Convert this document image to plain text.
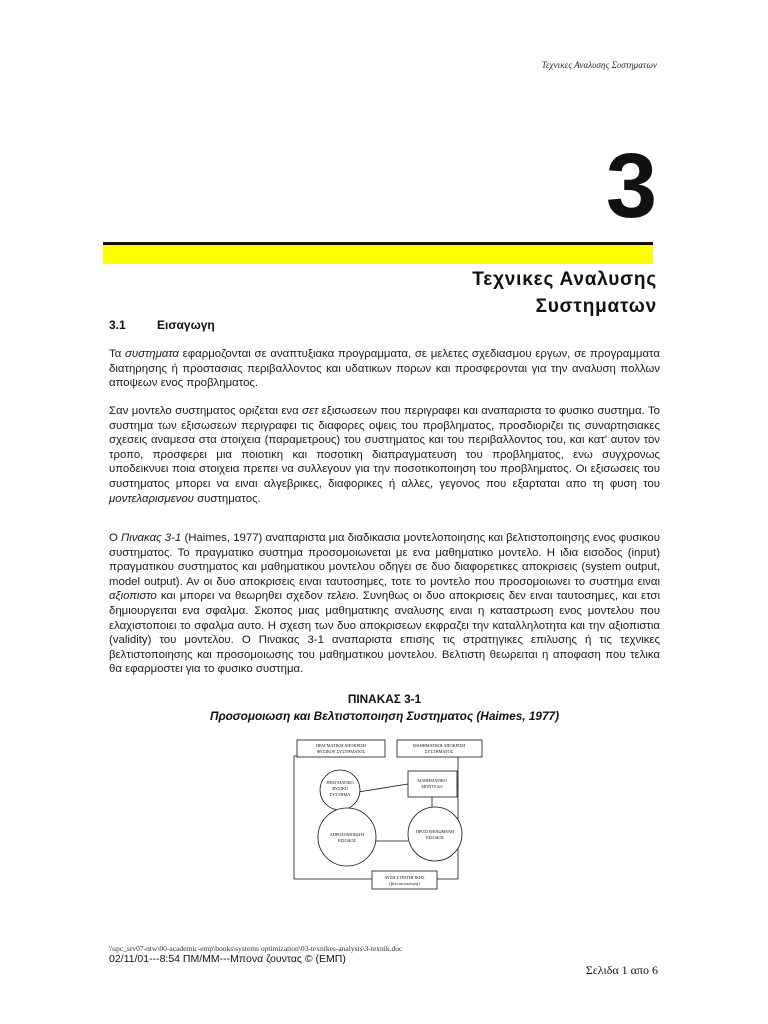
Τεχνικες Αναλυσης Συστηματων
3
Τεχνικες Αναλυσης
Συστηματων
3.1	Εισαγωγη
Τα συστηματα εφαρμοζονται σε αναπτυξιακα προγραμματα, σε μελετες σχεδιασμου εργων, σε προγραμματα διατηρησης ή προστασιας περιβαλλοντος και υδατικων πορων και προσφερονται για την αναλυση πολλων αποψεων ενος προβληματος.
Σαν μοντελο συστηματος οριζεται ενα σετ εξισωσεων που περιγραφει και αναπαριστα το φυσικο συστημα. Το συστημα των εξισωσεων περιγραφει τις διαφορες οψεις του προβληματος, προσδιοριζει τις συναρτησιακες σχεσεις αναμεσα στα στοιχεια (παραμετρους) του συστηματος και του περιβαλλοντος του, και κατ' αυτον τον τροπο, προσφερει μια ποιοτικη και ποσοτικη διαπραγματευση του προβληματος, ενω συγχρονως υποδεικνυει ποια στοιχεια πρεπει να συλλεγουν για την ποσοτικοποιηση του προβληματος. Οι εξισωσεις του συστηματος μπορει να ειναι αλγεβρικες, διαφορικες ή αλλες, γεγονος που εξαρταται απο τη φυση του μοντελαρισμενου συστηματος.
Ο Πινακας 3-1 (Haimes, 1977) αναπαριστα μια διαδικασια μοντελοποιησης και βελτιστοποιησης ενος φυσικου συστηματος. Το πραγματικο συστημα προσομοιωνεται με ενα μαθηματικο μοντελο. Η ιδια εισοδος (input) πραγματικου συστηματος και μαθηματικου μοντελου οδηγει σε δυο διαφορετικες αποκρισεις (system output, model output). Αν οι δυο αποκρισεις ειναι ταυτοσημες, τοτε το μοντελο που προσομοιωνει το συστημα ειναι αξιοπιστο και μπορει να θεωρηθει σχεδον τελειο. Συνηθως οι δυο αποκρισεις δεν ειναι ταυτοσημες, και ετσι δημιουργειται ενα σφαλμα. Σκοπος μιας μαθηματικης αναλυσης ειναι η καταστρωση ενος μοντελου που ελαχιστοποιει το σφαλμα αυτο. Η σχεση των δυο αποκρισεων εκφραζει την καταλληλοτητα και την αξιοπιστια (validity) του μοντελου. Ο Πινακας 3-1 αναπαριστα επισης τις στρατηγικες επιλυσης ή τις τεχνικες βελτιστοποιησης και προσομοιωσης του μαθηματικου μοντελου. Βελτιστη θεωρειται η αποφαση που τελικα θα εφαρμοστει για το φυσικο συστημα.
ΠΙΝΑΚΑΣ 3-1
Προσομοιωση και Βελτιστοποιηση Συστηματος (Haimes, 1977)
ΠΡΑΓΜΑΤΙΚΗ ΑΠΟΚΡΙΣΗ
ΦΥΣΙΚΟΥ ΣΥΣΤΗΜΑΤΟΣ
ΜΑΘΗΜΑΤΙΚΗ ΑΠΟΚΡΙΣΗ
ΣΥΣΤΗΜΑΤΟΣ
ΠΡΑΓΜΑΤΙΚΟ
ΦΥΣΙΚΟ
ΣΥΣΤΗΜΑ
ΜΑΘΗΜΑΤΙΚΟ
ΜΟΝΤΕΛΟ
ΑΠΡΟΣΟΜΟΙΩΤΗ
ΕΙΣΟΔΟΣ
ΠΡΟΣΟΜΟΙΩΜΕΝΗ
ΕΙΣΟΔΟΣ
ΑΥΣΗ ΣΤΡΑΤΗΓΙΚΗΣ
(βελτιστοποιηση)
\\spc_srv07-ntw\00-academic-emp\books\systems optimization\03-texnikes-analysis\3-texnik.doc
02/11/01---8:54 ΠΜ/ΜΜ---Μπονα ζουντας © (ΕΜΠ)
Σελιδα 1 απο 6
